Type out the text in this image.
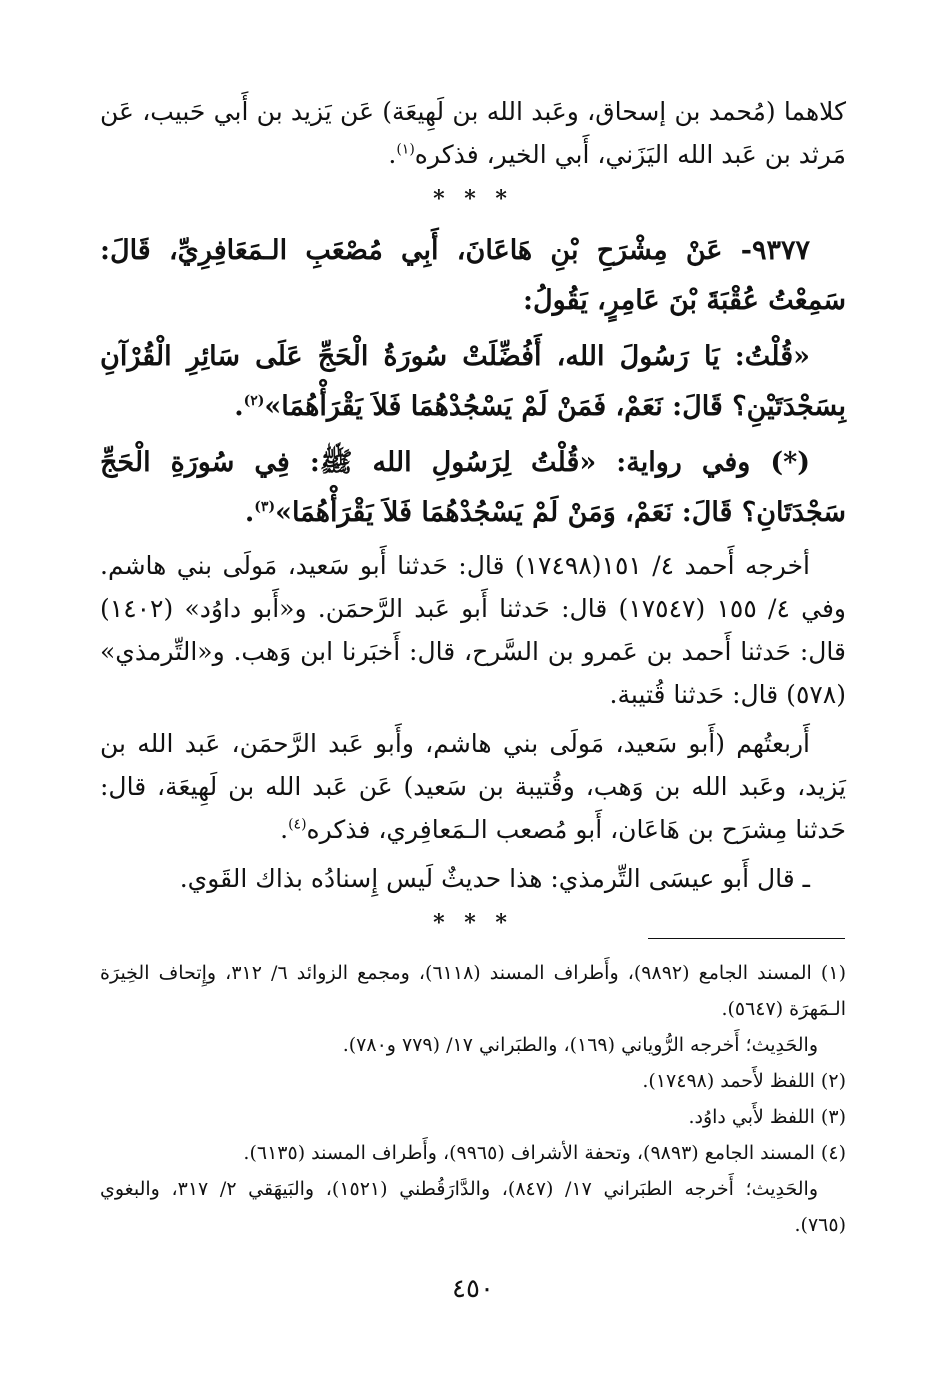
كلاهما (مُحمد بن إسحاق، وعَبد الله بن لَهِيعَة) عَن يَزيد بن أَبي حَبيب، عَن مَرثد بن عَبد الله اليَزَني، أَبي الخير، فذكره$^{(١)}$.

* * *

٩٣٧٧- عَنْ مِشْرَحِ بْنِ هَاعَانَ، أَبِي مُصْعَبِ الـمَعَافِرِيِّ، قَالَ: سَمِعْتُ عُقْبَةَ بْنَ عَامِرٍ، يَقُولُ:

«قُلْتُ: يَا رَسُولَ الله، أَفُضِّلَتْ سُورَةُ الْحَجِّ عَلَى سَائِرِ الْقُرْآنِ بِسَجْدَتَيْنِ؟ قَالَ: نَعَمْ، فَمَنْ لَمْ يَسْجُدْهُمَا فَلاَ يَقْرَأْهُمَا»$^{(٢)}$.

(*) وفي رواية: «قُلْتُ لِرَسُولِ الله ﷺ: فِي سُورَةِ الْحَجِّ سَجْدَتَانِ؟ قَالَ: نَعَمْ، وَمَنْ لَمْ يَسْجُدْهُمَا فَلاَ يَقْرَأْهُمَا»$^{(٣)}$.

أخرجه أَحمد ٤/ ١٥١(١٧٤٩٨) قال: حَدثنا أَبو سَعيد، مَولَى بني هاشم. وفي ٤/ ١٥٥ (١٧٥٤٧) قال: حَدثنا أَبو عَبد الرَّحمَن. و«أَبو داوُد» (١٤٠٢) قال: حَدثنا أَحمد بن عَمرو بن السَّرح، قال: أَخبَرنا ابن وَهب. و«التِّرمذي» (٥٧٨) قال: حَدثنا قُتيبة.

أَربعتُهم (أَبو سَعيد، مَولَى بني هاشم، وأَبو عَبد الرَّحمَن، عَبد الله بن يَزيد، وعَبد الله بن وَهب، وقُتيبة بن سَعيد) عَن عَبد الله بن لَهِيعَة، قال: حَدثنا مِشرَح بن هَاعَان، أَبو مُصعب الـمَعافِري، فذكره$^{(٤)}$.

ـ قال أَبو عيسَى التِّرمذي: هذا حديثٌ لَيس إِسنادُه بذاك القَوي.

* * *

(١) المسند الجامع (٩٨٩٢)، وأَطراف المسند (٦١١٨)، ومجمع الزوائد ٦/ ٣١٢، وإِتحاف الخِيرَة الـمَهرَة (٥٦٤٧).

والحَدِيث؛ أَخرجه الرُّوياني (١٦٩)، والطبَراني ١٧/ (٧٧٩ و٧٨٠).

(٢) اللفظ لأَحمد (١٧٤٩٨).

(٣) اللفظ لأَبي داوُد.

(٤) المسند الجامع (٩٨٩٣)، وتحفة الأشراف (٩٩٦٥)، وأَطراف المسند (٦١٣٥).

والحَدِيث؛ أَخرجه الطبَراني ١٧/ (٨٤٧)، والدَّارَقُطني (١٥٢١)، والبَيهَقي ٢/ ٣١٧، والبغوي (٧٦٥).

٤٥٠
